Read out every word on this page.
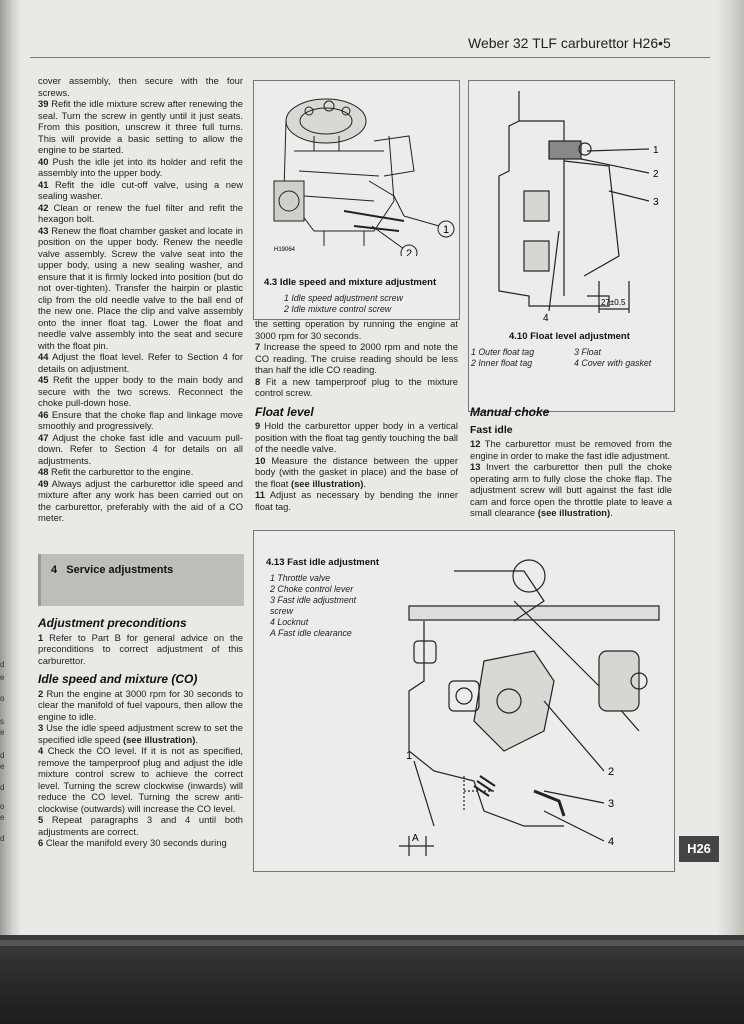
Weber 32 TLF carburettor H26•5
d
e
o
s
e
d
e
d
o
e
d

cover assembly, then secure with the four screws.

39 Refit the idle mixture screw after renewing the seal. Turn the screw in gently until it just seats. From this position, unscrew it three full turns. This will provide a basic setting to allow the engine to be started.

40 Push the idle jet into its holder and refit the assembly into the upper body.

41 Refit the idle cut-off valve, using a new sealing washer.

42 Clean or renew the fuel filter and refit the hexagon bolt.

43 Renew the float chamber gasket and locate in position on the upper body. Renew the needle valve assembly. Screw the valve seat into the upper body, using a new sealing washer, and ensure that it is firmly locked into position (but do not over-tighten). Transfer the hairpin or plastic clip from the old needle valve to the ball end of the new one. Place the clip and valve assembly onto the inner float tag. Lower the float and needle valve assembly into the seat and secure with the float pin.

44 Adjust the float level. Refer to Section 4 for details on adjustment.

45 Refit the upper body to the main body and secure with the two screws. Reconnect the choke pull-down hose.

46 Ensure that the choke flap and linkage move smoothly and progressively.

47 Adjust the choke fast idle and vacuum pull-down. Refer to Section 4 for details on all adjustments.

48 Refit the carburettor to the engine.

49 Always adjust the carburettor idle speed and mixture after any work has been carried out on the carburettor, preferably with the aid of a CO meter.

4 Service adjustments
Adjustment preconditions

1 Refer to Part B for general advice on the preconditions to correct adjustment of this carburettor.

Idle speed and mixture (CO)

2 Run the engine at 3000 rpm for 30 seconds to clear the manifold of fuel vapours, then allow the engine to idle.

3 Use the idle speed adjustment screw to set the specified idle speed (see illustration).

4 Check the CO level. If it is not as specified, remove the tamperproof plug and adjust the idle mixture control screw to achieve the correct level. Turning the screw clockwise (inwards) will reduce the CO level. Turning the screw anti-clockwise (outwards) will increase the CO level.

5 Repeat paragraphs 3 and 4 until both adjustments are correct.

6 Clear the manifold every 30 seconds during

1
2
H19064
4.3 Idle speed and mixture adjustment
1 Idle speed adjustment screw
2 Idle mixture control screw

the setting operation by running the engine at 3000 rpm for 30 seconds.

7 Increase the speed to 2000 rpm and note the CO reading. The cruise reading should be less than half the idle CO reading.

8 Fit a new tamperproof plug to the mixture control screw.

Float level

9 Hold the carburettor upper body in a vertical position with the float tag gently touching the ball of the needle valve.

10 Measure the distance between the upper body (with the gasket in place) and the base of the float (see illustration).

11 Adjust as necessary by bending the inner float tag.

1
2
3
4
27±0.5
4.10 Float level adjustment
1 Outer float tag
2 Inner float tag
3 Float
4 Cover with gasket
Manual choke
Fast idle

12 The carburettor must be removed from the engine in order to make the fast idle adjustment.

13 Invert the carburettor then pull the choke operating arm to fully close the choke flap. The adjustment screw will butt against the fast idle cam and force open the throttle plate to leave a small clearance (see illustration).

4.13 Fast idle adjustment
1 Throttle valve
2 Choke control lever
3 Fast idle adjustment
screw
4 Locknut
A Fast idle clearance
1
2
3
4
A
H26
